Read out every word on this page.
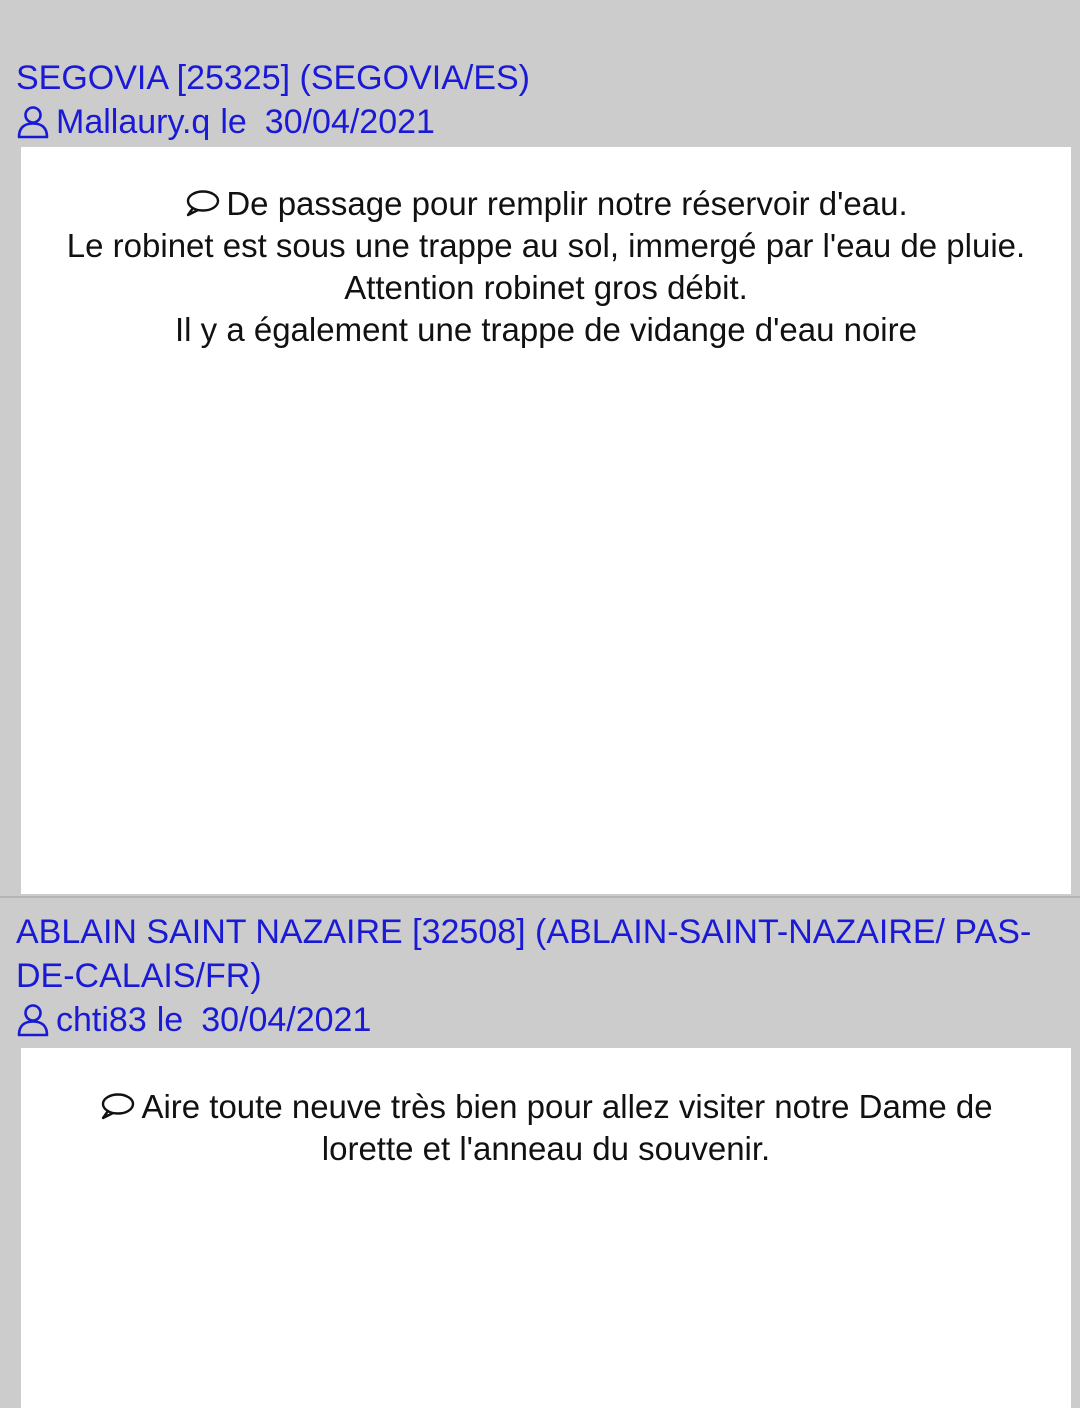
SEGOVIA [25325] (SEGOVIA/ES)
Mallaury.q le 30/04/2021

De passage pour remplir notre réservoir d'eau.

Le robinet est sous une trappe au sol, immergé par l'eau de pluie.

Attention robinet gros débit.

Il y a également une trappe de vidange d'eau noire

ABLAIN SAINT NAZAIRE [32508] (ABLAIN-SAINT-NAZAIRE/ PAS-DE-CALAIS/FR)
chti83 le 30/04/2021

Aire toute neuve très bien pour allez visiter notre Dame de lorette et l'anneau du souvenir.
